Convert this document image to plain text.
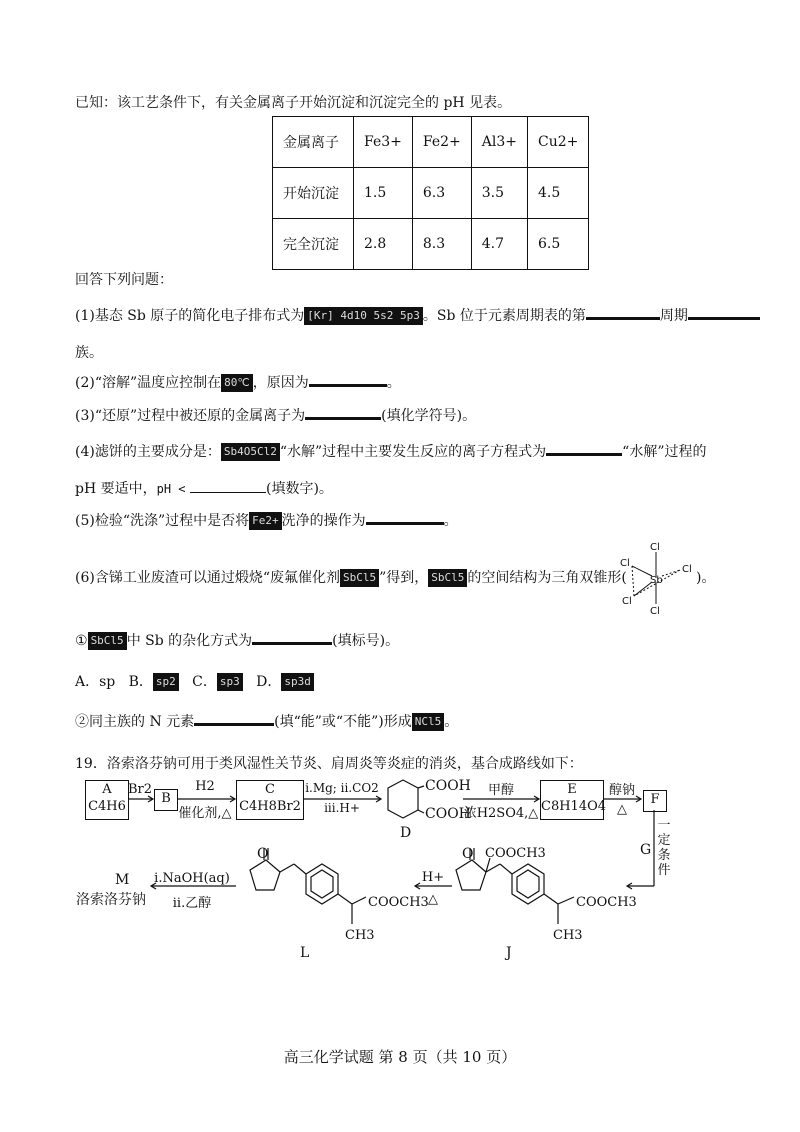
已知：该工艺条件下，有关金属离子开始沉淀和沉淀完全的 pH 见表。
金属离子	Fe3+	Fe2+	Al3+	Cu2+
开始沉淀	1.5	6.3	3.5	4.5
完全沉淀	2.8	8.3	4.7	6.5
回答下列问题：
(1)基态 Sb 原子的简化电子排布式为 [Kr] 4d10 5s2 5p3 。Sb 位于元素周期表的第	周期
族。
(2)“溶解”温度应控制在 80℃ ，原因为	。
(3)“还原”过程中被还原的金属离子为	(填化学符号)。
(4)滤饼的主要成分是： Sb4O5Cl2 “水解”过程中主要发生反应的离子方程式为	“水解”过程的
pH 要适中，pH <	(填数字)。
(5)检验“洗涤”过程中是否将 Fe2+ 洗净的操作为	。
(6)含锑工业废渣可以通过煅烧“废氟催化剂 SbCl5 ”得到， SbCl5 的空间结构为三角双锥形(
Cl
Cl
Cl
Sb
Cl
Cl
)。
① SbCl5 中 Sb 的杂化方式为	(填标号)。
A．sp B． sp2 C． sp3 D． sp3d
②同主族的 N 元素	(填“能”或“不能”)形成 NCl5 。
19．洛索洛芬钠可用于类风湿性关节炎、肩周炎等炎症的消炎，基合成路线如下：
A
C4H6
Br2
B
H2
催化剂,△
C
C4H8Br2
i.Mg; ii.CO2
iii.H+
COOH
COOH
D
甲醇
浓H2SO4,△
E
C8H14O4
醇钠
△
F
一定条件
G
M
洛索洛芬钠
i.NaOH(aq)
ii.乙醇
O
COOCH3
CH3
L
H+
△
O COOCH3
COOCH3
CH3
J
高三化学试题 第 8 页（共 10 页）
